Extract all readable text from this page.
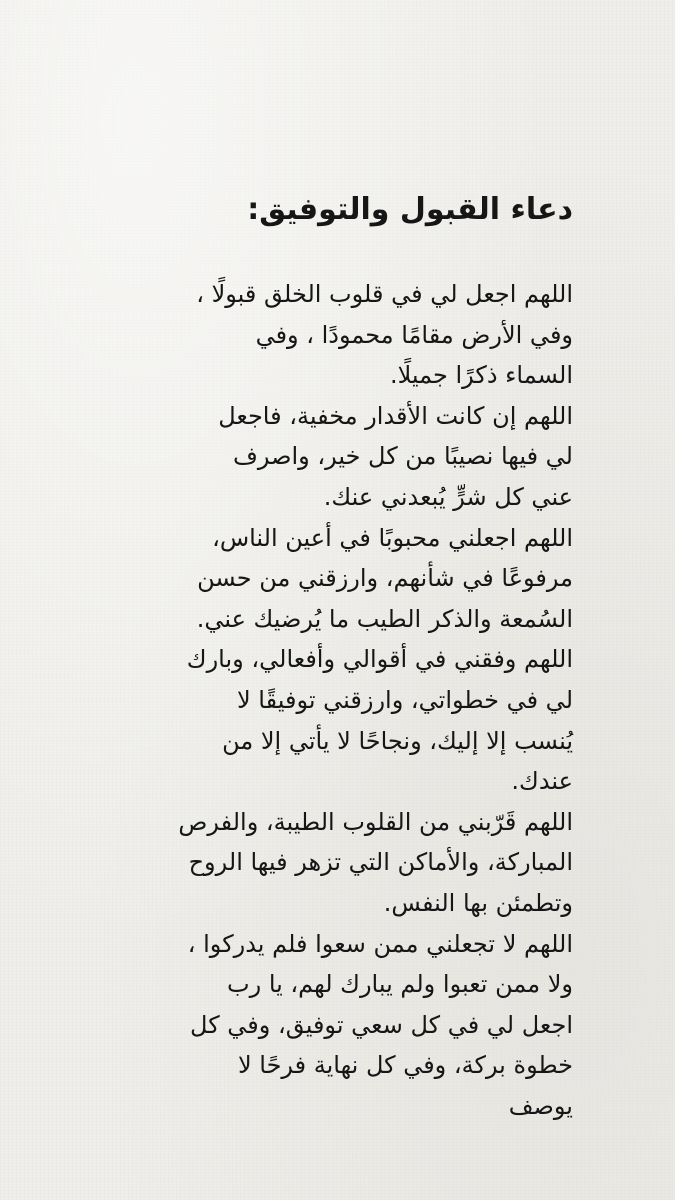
دعاء القبول والتوفيق:
اللهم اجعل لي في قلوب الخلق قبولًا ،
وفي الأرض مقامًا محمودًا ، وفي
السماء ذكرًا جميلًا.
اللهم إن كانت الأقدار مخفية، فاجعل
لي فيها نصيبًا من كل خير، واصرف
عني كل شرٍّ يُبعدني عنك.
اللهم اجعلني محبوبًا في أعين الناس،
مرفوعًا في شأنهم، وارزقني من حسن
السُمعة والذكر الطيب ما يُرضيك عني.
اللهم وفقني في أقوالي وأفعالي، وبارك
لي في خطواتي، وارزقني توفيقًا لا
يُنسب إلا إليك، ونجاحًا لا يأتي إلا من
عندك.
اللهم قَرّبني من القلوب الطيبة، والفرص
المباركة، والأماكن التي تزهر فيها الروح
وتطمئن بها النفس.
اللهم لا تجعلني ممن سعوا فلم يدركوا ،
ولا ممن تعبوا ولم يبارك لهم، يا رب
اجعل لي في كل سعي توفيق، وفي كل
خطوة بركة، وفي كل نهاية فرحًا لا
يوصف
